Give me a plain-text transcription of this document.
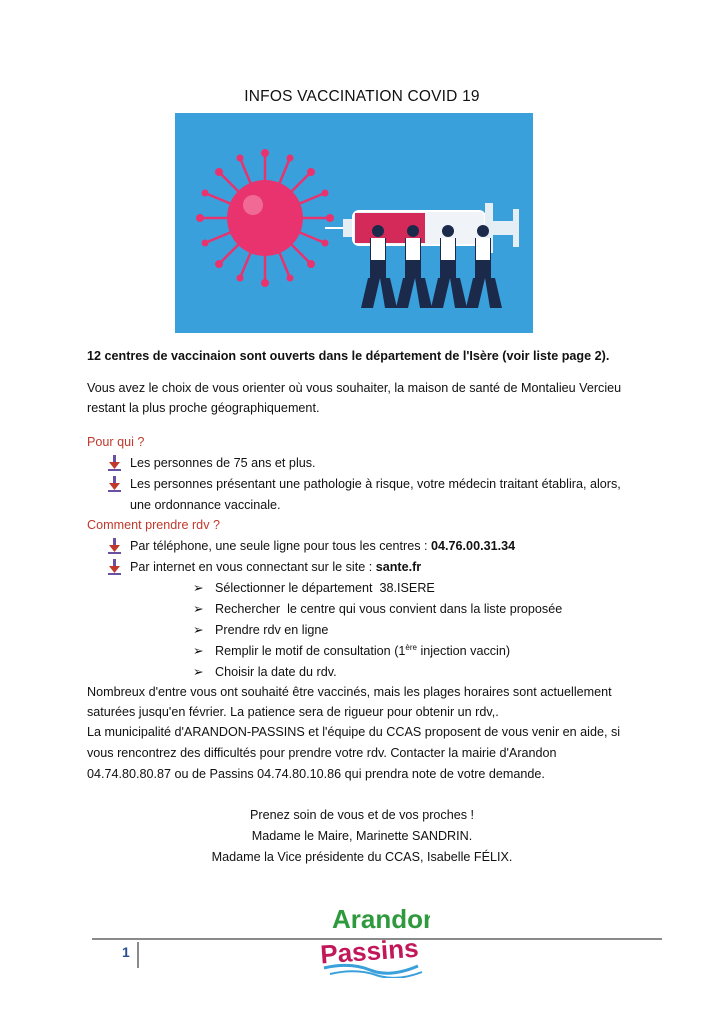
INFOS VACCINATION COVID 19
12 centres de vaccinaion sont ouverts dans le département de l'Isère (voir liste page 2).
Vous avez le choix de vous orienter où vous souhaiter, la maison de santé de Montalieu Vercieu
restant la plus proche géographiquement.
Pour qui ?
Les personnes de 75 ans et plus.
Les personnes présentant une pathologie à risque, votre médecin traitant établira, alors,
une ordonnance vaccinale.
Comment prendre rdv ?
Par téléphone, une seule ligne pour tous les centres : 04.76.00.31.34
Par internet en vous connectant sur le site : sante.fr
➢ Sélectionner le département  38.ISERE
➢ Rechercher  le centre qui vous convient dans la liste proposée
➢ Prendre rdv en ligne
➢ Remplir le motif de consultation (1ère injection vaccin)
➢ Choisir la date du rdv.
Nombreux d'entre vous ont souhaité être vaccinés, mais les plages horaires sont actuellement
saturées jusqu'en février. La patience sera de rigueur pour obtenir un rdv,.
La municipalité d'ARANDON-PASSINS et l'équipe du CCAS proposent de vous venir en aide, si
vous rencontrez des difficultés pour prendre votre rdv. Contacter la mairie d'Arandon
04.74.80.80.87 ou de Passins 04.74.80.10.86 qui prendra note de votre demande.
Prenez soin de vous et de vos proches !
Madame le Maire, Marinette SANDRIN.
Madame la Vice présidente du CCAS, Isabelle FÉLIX.
1
Arandon
Passins
